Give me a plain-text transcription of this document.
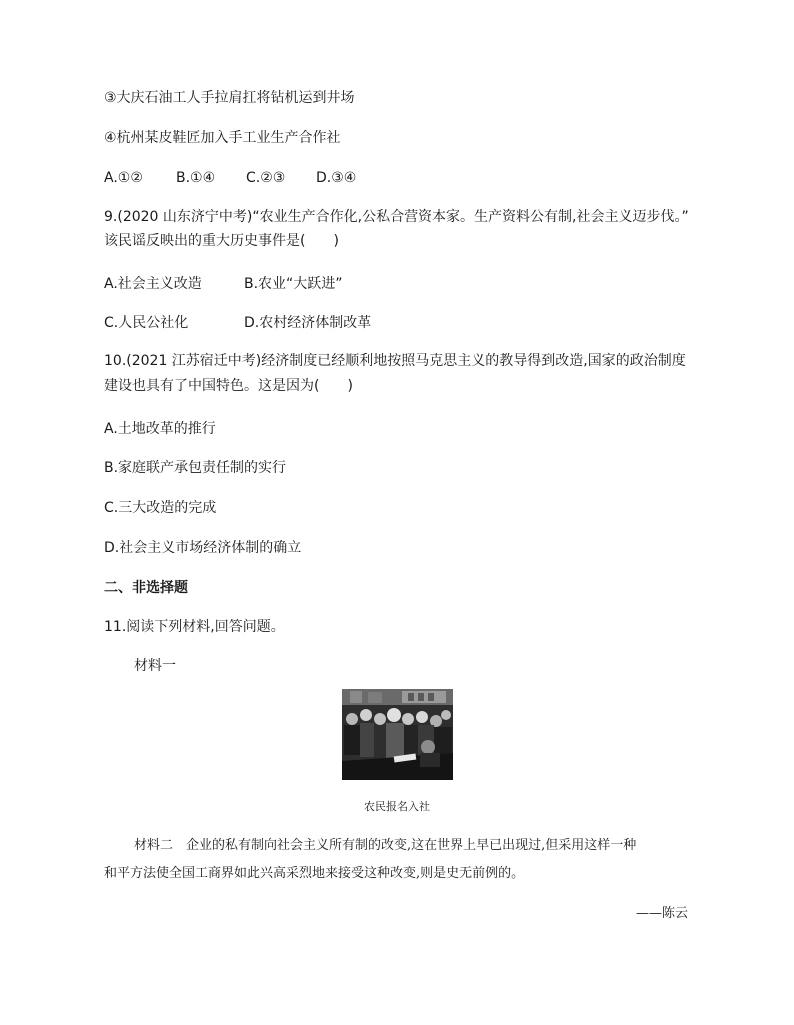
③大庆石油工人手拉肩扛将钻机运到井场
④杭州某皮鞋匠加入手工业生产合作社
A.①② B.①④ C.②③ D.③④
9.(2020 山东济宁中考)“农业生产合作化,公私合营资本家。生产资料公有制,社会主义迈步伐。”
该民谣反映出的重大历史事件是(　　)
A.社会主义改造	B.农业“大跃进”
C.人民公社化	D.农村经济体制改革
10.(2021 江苏宿迁中考)经济制度已经顺利地按照马克思主义的教导得到改造,国家的政治制度
建设也具有了中国特色。这是因为(　　)
A.土地改革的推行
B.家庭联产承包责任制的实行
C.三大改造的完成
D.社会主义市场经济体制的确立
二、非选择题
11.阅读下列材料,回答问题。
材料一
农民报名入社
材料二　企业的私有制向社会主义所有制的改变,这在世界上早已出现过,但采用这样一种
和平方法使全国工商界如此兴高采烈地来接受这种改变,则是史无前例的。
——陈云
